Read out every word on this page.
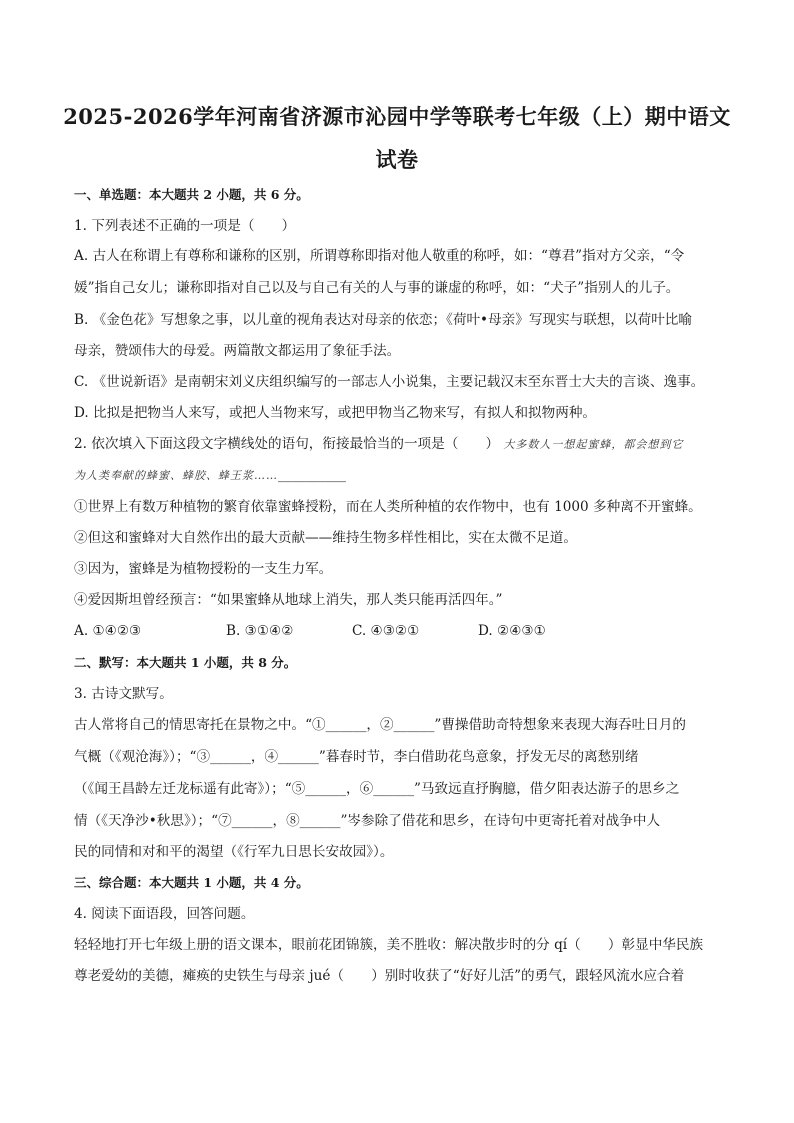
2025-2026学年河南省济源市沁园中学等联考七年级（上）期中语文
试卷
一、单选题：本大题共 2 小题，共 6 分。
1. 下列表述不正确的一项是（　　）
A. 古人在称谓上有尊称和谦称的区别，所谓尊称即指对他人敬重的称呼，如：“尊君”指对方父亲，“令
媛”指自己女儿；谦称即指对自己以及与自己有关的人与事的谦虚的称呼，如：“犬子”指别人的儿子。
B. 《金色花》写想象之事，以儿童的视角表达对母亲的依恋；《荷叶•母亲》写现实与联想，以荷叶比喻
母亲，赞颂伟大的母爱。两篇散文都运用了象征手法。
C. 《世说新语》是南朝宋刘义庆组织编写的一部志人小说集，主要记载汉末至东晋士大夫的言谈、逸事。
D. 比拟是把物当人来写，或把人当物来写，或把甲物当乙物来写，有拟人和拟物两种。
2. 依次填入下面这段文字横线处的语句，衔接最恰当的一项是（　　） 大多数人一想起蜜蜂，都会想到它
为人类奉献的蜂蜜、蜂胶、蜂王浆……__________
①世界上有数万种植物的繁育依靠蜜蜂授粉，而在人类所种植的农作物中，也有 1000 多种离不开蜜蜂。
②但这和蜜蜂对大自然作出的最大贡献——维持生物多样性相比，实在太微不足道。
③因为，蜜蜂是为植物授粉的一支生力军。
④爱因斯坦曾经预言：“如果蜜蜂从地球上消失，那人类只能再活四年。”
A. ①④②③	B. ③①④②	C. ④③②①	D. ②④③①
二、默写：本大题共 1 小题，共 8 分。
3. 古诗文默写。
古人常将自己的情思寄托在景物之中。“①______，②______”曹操借助奇特想象来表现大海吞吐日月的
气概（《观沧海》）；“③______，④______”暮春时节，李白借助花鸟意象，抒发无尽的离愁别绪
（《闻王昌龄左迁龙标遥有此寄》）；“⑤______，⑥______”马致远直抒胸臆，借夕阳表达游子的思乡之
情（《天净沙•秋思》）；“⑦______，⑧______”岑参除了借花和思乡，在诗句中更寄托着对战争中人
民的同情和对和平的渴望（《行军九日思长安故园》）。
三、综合题：本大题共 1 小题，共 4 分。
4. 阅读下面语段，回答问题。
轻轻地打开七年级上册的语文课本，眼前花团锦簇，美不胜收：解决散步时的分 qí（　　）彰显中华民族
尊老爱幼的美德，瘫痪的史铁生与母亲 jué（　　）别时收获了“好好儿活”的勇气，跟轻风流水应合着
